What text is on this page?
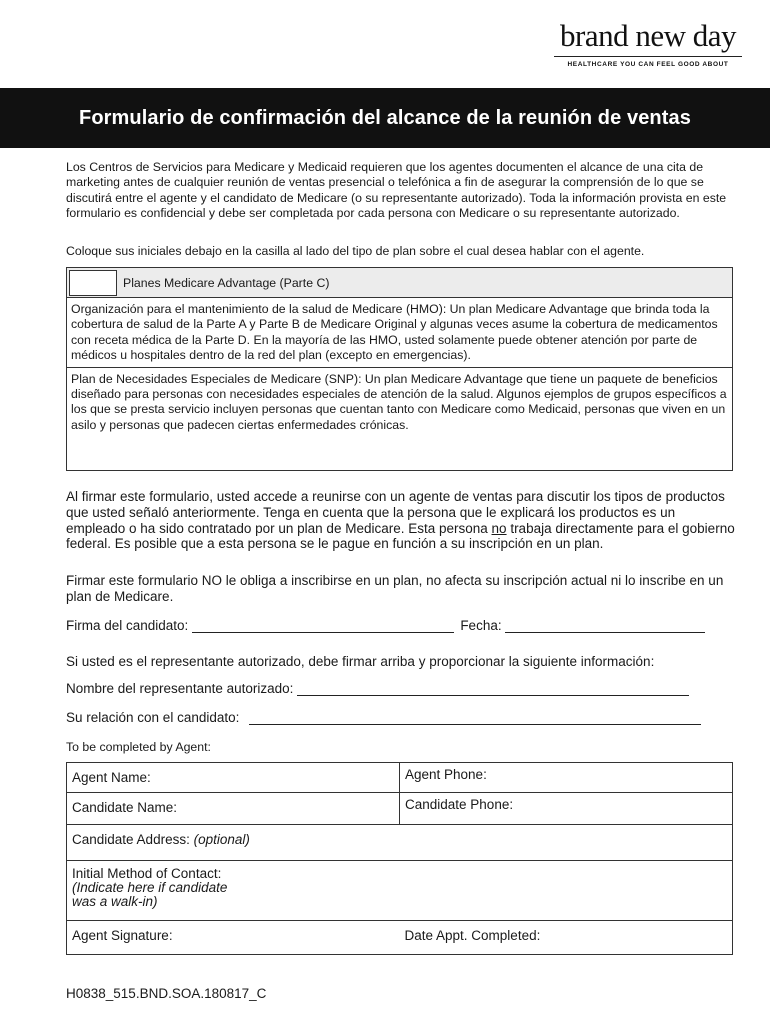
brand new day
HEALTHCARE YOU CAN FEEL GOOD ABOUT
Formulario de confirmación del alcance de la reunión de ventas

Los Centros de Servicios para Medicare y Medicaid requieren que los agentes documenten el alcance de una cita de marketing antes de cualquier reunión de ventas presencial o telefónica a fin de asegurar la comprensión de lo que se discutirá entre el agente y el candidato de Medicare (o su representante autorizado). Toda la información provista en este formulario es confidencial y debe ser completada por cada persona con Medicare o su representante autorizado.

Coloque sus iniciales debajo en la casilla al lado del tipo de plan sobre el cual desea hablar con el agente.

Planes Medicare Advantage (Parte C)
Organización para el mantenimiento de la salud de Medicare (HMO): Un plan Medicare Advantage que brinda toda la cobertura de salud de la Parte A y Parte B de Medicare Original y algunas veces asume la cobertura de medicamentos con receta médica de la Parte D. En la mayoría de las HMO, usted solamente puede obtener atención por parte de médicos u hospitales dentro de la red del plan (excepto en emergencias).
Plan de Necesidades Especiales de Medicare (SNP): Un plan Medicare Advantage que tiene un paquete de beneficios diseñado para personas con necesidades especiales de atención de la salud. Algunos ejemplos de grupos específicos a los que se presta servicio incluyen personas que cuentan tanto con Medicare como Medicaid, personas que viven en un asilo y personas que padecen ciertas enfermedades crónicas.

Al firmar este formulario, usted accede a reunirse con un agente de ventas para discutir los tipos de productos que usted señaló anteriormente. Tenga en cuenta que la persona que le explicará los productos es un empleado o ha sido contratado por un plan de Medicare. Esta persona no trabaja directamente para el gobierno federal. Es posible que a esta persona se le pague en función a su inscripción en un plan.

Firmar este formulario NO le obliga a inscribirse en un plan, no afecta su inscripción actual ni lo inscribe en un plan de Medicare.

Firma del candidato:	Fecha:
Si usted es el representante autorizado, debe firmar arriba y proporcionar la siguiente información:
Nombre del representante autorizado:
Su relación con el candidato:
To be completed by Agent:
Agent Name:	Agent Phone:
Candidate Name:	Candidate Phone:
Candidate Address: (optional)	

Initial Method of Contact:
(Indicate here if candidate
was a walk-in)	

Agent Signature:	Date Appt. Completed:
H0838_515.BND.SOA.180817_C
